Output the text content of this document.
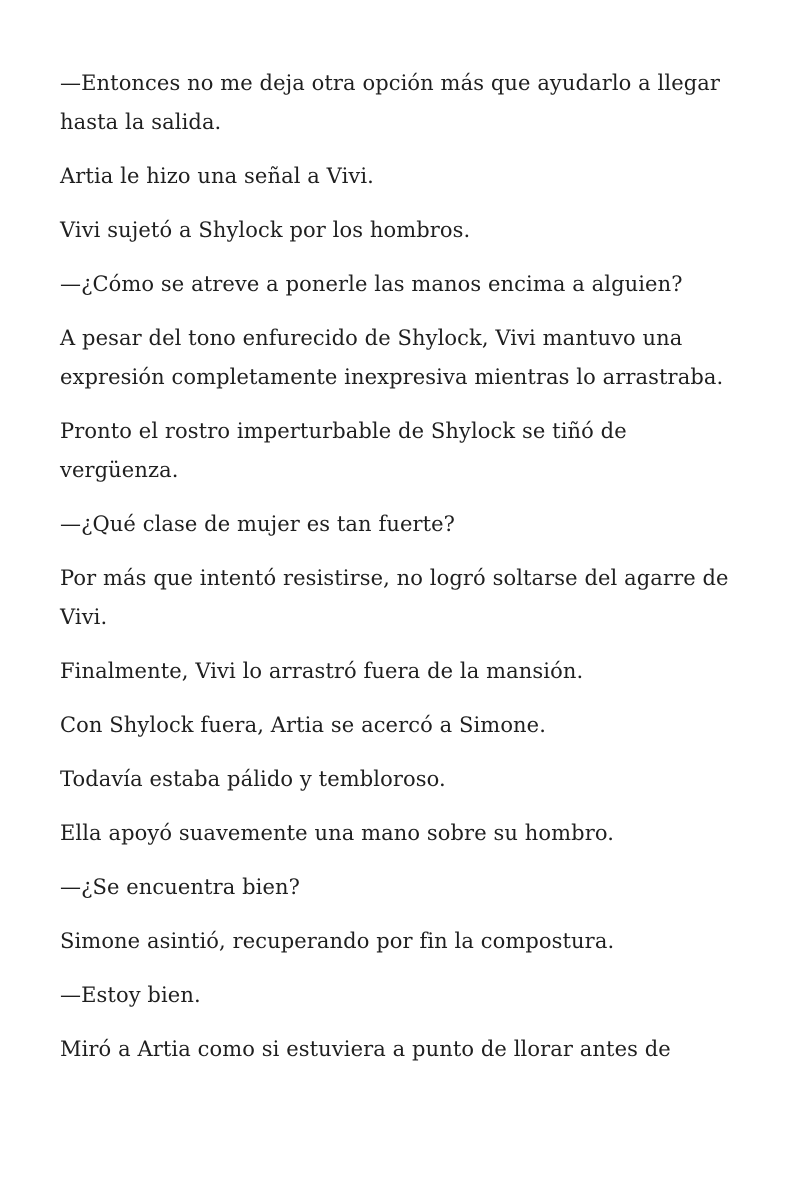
—Entonces no me deja otra opción más que ayudarlo a llegar hasta la salida.

Artia le hizo una señal a Vivi.

Vivi sujetó a Shylock por los hombros.

—¿Cómo se atreve a ponerle las manos encima a alguien?

A pesar del tono enfurecido de Shylock, Vivi mantuvo una expresión completamente inexpresiva mientras lo arrastraba.

Pronto el rostro imperturbable de Shylock se tiñó de vergüenza.

—¿Qué clase de mujer es tan fuerte?

Por más que intentó resistirse, no logró soltarse del agarre de Vivi.

Finalmente, Vivi lo arrastró fuera de la mansión.

Con Shylock fuera, Artia se acercó a Simone.

Todavía estaba pálido y tembloroso.

Ella apoyó suavemente una mano sobre su hombro.

—¿Se encuentra bien?

Simone asintió, recuperando por fin la compostura.

—Estoy bien.

Miró a Artia como si estuviera a punto de llorar antes de
